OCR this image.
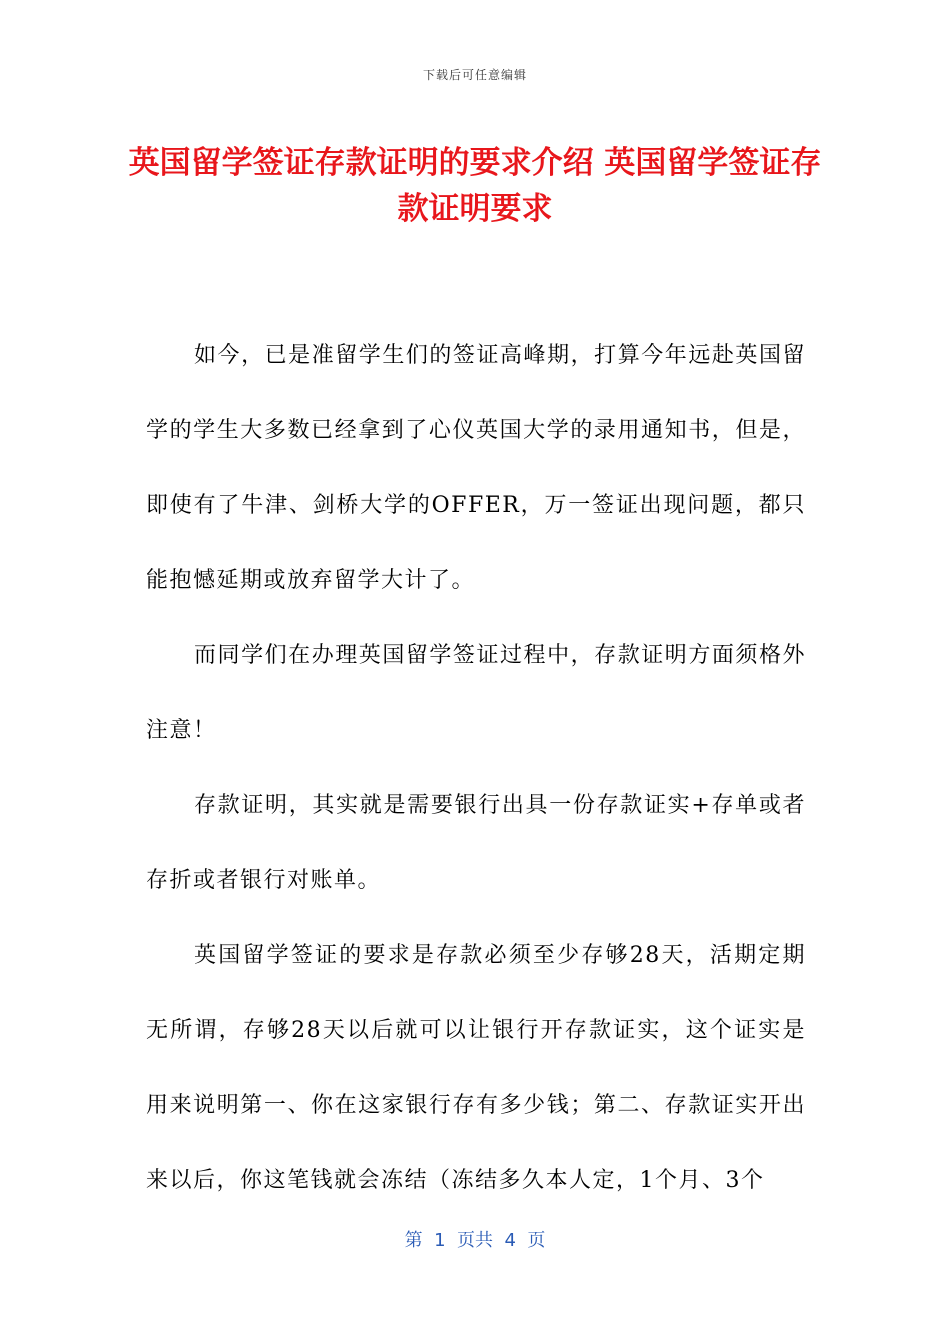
下载后可任意编辑
英国留学签证存款证明的要求介绍 英国留学签证存款证明要求

如今，已是准留学生们的签证高峰期，打算今年远赴英国留学的学生大多数已经拿到了心仪英国大学的录用通知书，但是，即使有了牛津、剑桥大学的OFFER，万一签证出现问题，都只能抱憾延期或放弃留学大计了。

而同学们在办理英国留学签证过程中，存款证明方面须格外注意！

存款证明，其实就是需要银行出具一份存款证实+存单或者存折或者银行对账单。

英国留学签证的要求是存款必须至少存够28天，活期定期无所谓，存够28天以后就可以让银行开存款证实，这个证实是用来说明第一、你在这家银行存有多少钱；第二、存款证实开出来以后，你这笔钱就会冻结（冻结多久本人定，1个月、3个

第  1  页共  4  页
